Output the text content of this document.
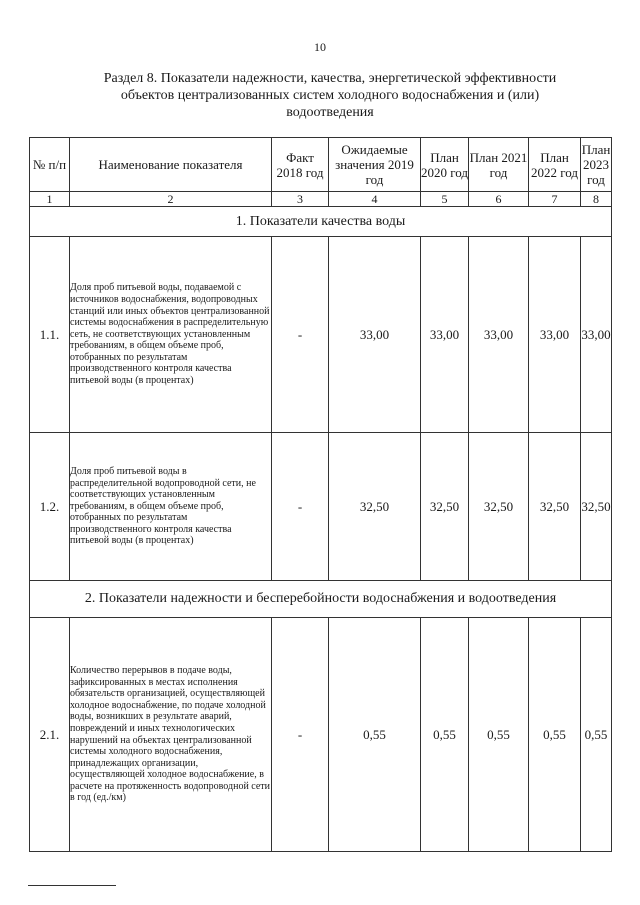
10
Раздел 8. Показатели надежности, качества, энергетической эффективности объектов централизованных систем холодного водоснабжения и (или) водоотведения
№ п/п	Наименование показателя	Факт 2018 год	Ожидаемые значения 2019 год	План 2020 год	План 2021 год	План 2022 год	План 2023 год
1	2	3	4	5	6	7	8
1. Показатели качества воды							
1.1.	Доля проб питьевой воды, подаваемой с источников водоснабжения, водопроводных станций или иных объектов централизованной системы водоснабжения в распределительную сеть, не соответствующих установленным требованиям, в общем объеме проб, отобранных по результатам производственного контроля качества питьевой воды (в процентах)	-	33,00	33,00	33,00	33,00	33,00
1.2.	Доля проб питьевой воды в распределительной водопроводной сети, не соответствующих установленным требованиям, в общем объеме проб, отобранных по результатам производственного контроля качества питьевой воды (в процентах)	-	32,50	32,50	32,50	32,50	32,50
2. Показатели надежности и бесперебойности водоснабжения и водоотведения							
2.1.	Количество перерывов в подаче воды, зафиксированных в местах исполнения обязательств организацией, осуществляющей холодное водоснабжение, по подаче холодной воды, возникших в результате аварий, повреждений и иных технологических нарушений на объектах централизованной системы холодного водоснабжения, принадлежащих организации, осуществляющей холодное водоснабжение, в расчете на протяженность водопроводной сети в год (ед./км)	-	0,55	0,55	0,55	0,55	0,55
